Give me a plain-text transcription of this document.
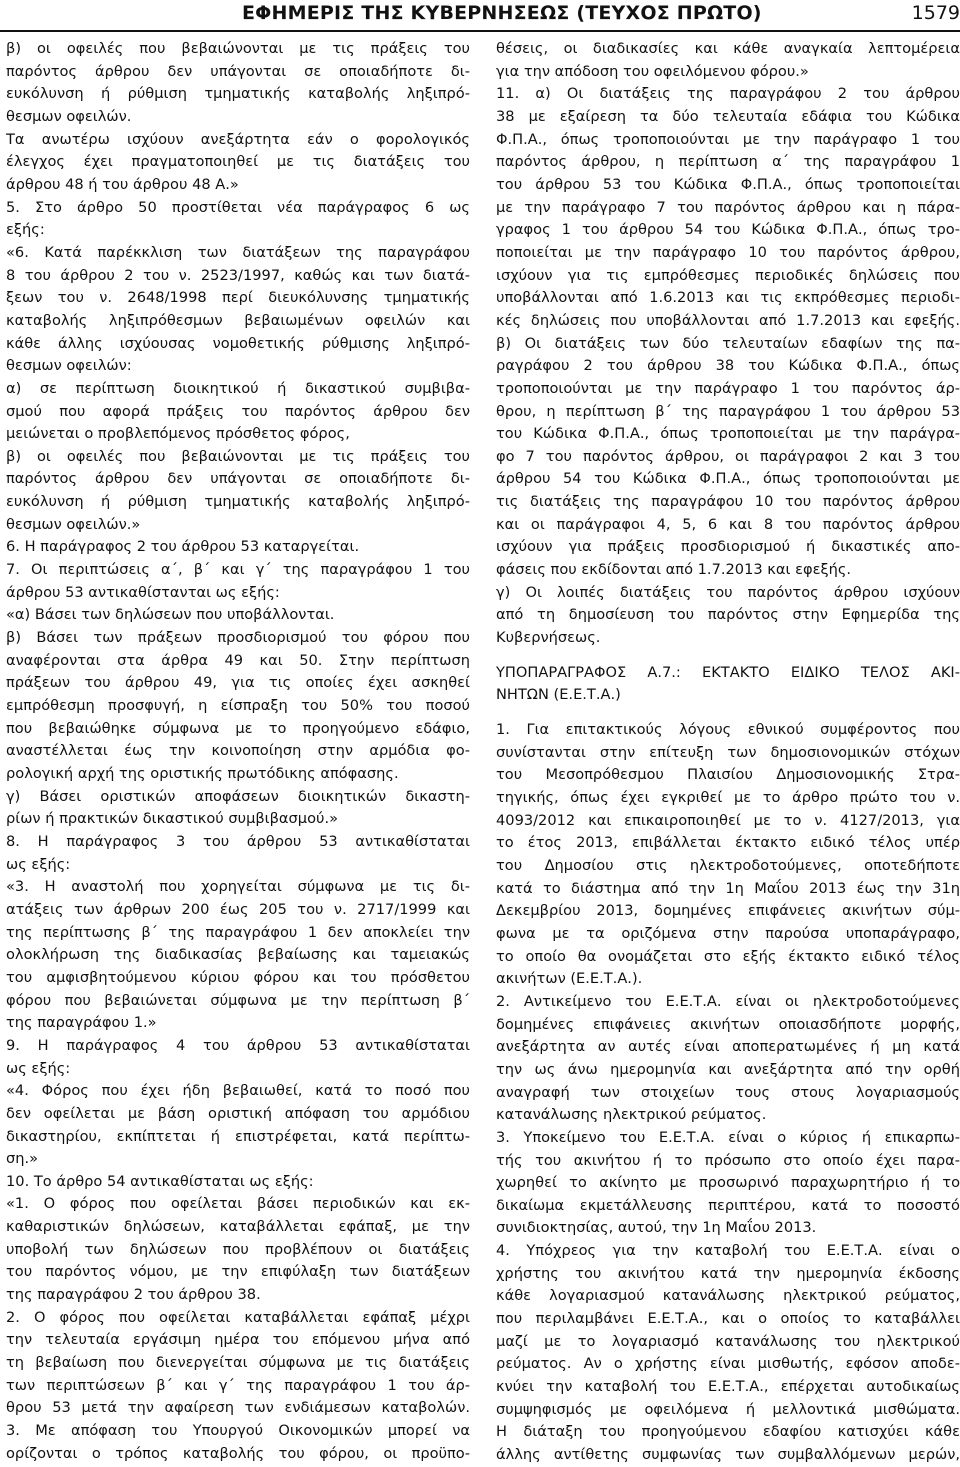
ΕΦΗΜΕΡΙΣ ΤΗΣ ΚΥΒΕΡΝΗΣΕΩΣ (ΤΕΥΧΟΣ ΠΡΩΤΟ)	1579

β) οι οφειλές που βεβαιώνονται με τις πράξεις του

παρόντος άρθρου δεν υπάγονται σε οποιαδήποτε δι-

ευκόλυνση ή ρύθμιση τμηματικής καταβολής ληξιπρό-

θεσμων οφειλών.

Τα ανωτέρω ισχύουν ανεξάρτητα εάν ο φορολογικός

έλεγχος έχει πραγματοποιηθεί με τις διατάξεις του

άρθρου 48 ή του άρθρου 48 Α.»

5. Στο άρθρο 50 προστίθεται νέα παράγραφος 6 ως

εξής:

«6. Κατά παρέκκλιση των διατάξεων της παραγράφου

8 του άρθρου 2 του ν. 2523/1997, καθώς και των διατά-

ξεων του ν. 2648/1998 περί διευκόλυνσης τμηματικής

καταβολής ληξιπρόθεσμων βεβαιωμένων οφειλών και

κάθε άλλης ισχύουσας νομοθετικής ρύθμισης ληξιπρό-

θεσμων οφειλών:

α) σε περίπτωση διοικητικού ή δικαστικού συμβιβα-

σμού που αφορά πράξεις του παρόντος άρθρου δεν

μειώνεται ο προβλεπόμενος πρόσθετος φόρος,

β) οι οφειλές που βεβαιώνονται με τις πράξεις του

παρόντος άρθρου δεν υπάγονται σε οποιαδήποτε δι-

ευκόλυνση ή ρύθμιση τμηματικής καταβολής ληξιπρό-

θεσμων οφειλών.»

6. Η παράγραφος 2 του άρθρου 53 καταργείται.

7. Οι περιπτώσεις α΄, β΄ και γ΄ της παραγράφου 1 του

άρθρου 53 αντικαθίστανται ως εξής:

«α) Βάσει των δηλώσεων που υποβάλλονται.

β) Βάσει των πράξεων προσδιορισμού του φόρου που

αναφέρονται στα άρθρα 49 και 50. Στην περίπτωση

πράξεων του άρθρου 49, για τις οποίες έχει ασκηθεί

εμπρόθεσμη προσφυγή, η είσπραξη του 50% του ποσού

που βεβαιώθηκε σύμφωνα με το προηγούμενο εδάφιο,

αναστέλλεται έως την κοινοποίηση στην αρμόδια φο-

ρολογική αρχή της οριστικής πρωτόδικης απόφασης.

γ) Βάσει οριστικών αποφάσεων διοικητικών δικαστη-

ρίων ή πρακτικών δικαστικού συμβιβασμού.»

8. Η παράγραφος 3 του άρθρου 53 αντικαθίσταται

ως εξής:

«3. Η αναστολή που χορηγείται σύμφωνα με τις δι-

ατάξεις των άρθρων 200 έως 205 του ν. 2717/1999 και

της περίπτωσης β΄ της παραγράφου 1 δεν αποκλείει την

ολοκλήρωση της διαδικασίας βεβαίωσης και ταμειακώς

του αμφισβητούμενου κύριου φόρου και του πρόσθετου

φόρου που βεβαιώνεται σύμφωνα με την περίπτωση β΄

της παραγράφου 1.»

9. Η παράγραφος 4 του άρθρου 53 αντικαθίσταται

ως εξής:

«4. Φόρος που έχει ήδη βεβαιωθεί, κατά το ποσό που

δεν οφείλεται με βάση οριστική απόφαση του αρμόδιου

δικαστηρίου, εκπίπτεται ή επιστρέφεται, κατά περίπτω-

ση.»

10. Το άρθρο 54 αντικαθίσταται ως εξής:

«1. Ο φόρος που οφείλεται βάσει περιοδικών και εκ-

καθαριστικών δηλώσεων, καταβάλλεται εφάπαξ, με την

υποβολή των δηλώσεων που προβλέπουν οι διατάξεις

του παρόντος νόμου, με την επιφύλαξη των διατάξεων

της παραγράφου 2 του άρθρου 38.

2. Ο φόρος που οφείλεται καταβάλλεται εφάπαξ μέχρι

την τελευταία εργάσιμη ημέρα του επόμενου μήνα από

τη βεβαίωση που διενεργείται σύμφωνα με τις διατάξεις

των περιπτώσεων β΄ και γ΄ της παραγράφου 1 του άρ-

θρου 53 μετά την αφαίρεση των ενδιάμεσων καταβολών.

3. Με απόφαση του Υπουργού Οικονομικών μπορεί να

ορίζονται ο τρόπος καταβολής του φόρου, οι προϋπο-

θέσεις, οι διαδικασίες και κάθε αναγκαία λεπτομέρεια

για την απόδοση του οφειλόμενου φόρου.»

11. α) Οι διατάξεις της παραγράφου 2 του άρθρου

38 με εξαίρεση τα δύο τελευταία εδάφια του Κώδικα

Φ.Π.Α., όπως τροποποιούνται με την παράγραφο 1 του

παρόντος άρθρου, η περίπτωση α΄ της παραγράφου 1

του άρθρου 53 του Κώδικα Φ.Π.Α., όπως τροποποιείται

με την παράγραφο 7 του παρόντος άρθρου και η πάρα-

γραφος 1 του άρθρου 54 του Κώδικα Φ.Π.Α., όπως τρο-

ποποιείται με την παράγραφο 10 του παρόντος άρθρου,

ισχύουν για τις εμπρόθεσμες περιοδικές δηλώσεις που

υποβάλλονται από 1.6.2013 και τις εκπρόθεσμες περιοδι-

κές δηλώσεις που υποβάλλονται από 1.7.2013 και εφεξής.

β) Οι διατάξεις των δύο τελευταίων εδαφίων της πα-

ραγράφου 2 του άρθρου 38 του Κώδικα Φ.Π.Α., όπως

τροποποιούνται με την παράγραφο 1 του παρόντος άρ-

θρου, η περίπτωση β΄ της παραγράφου 1 του άρθρου 53

του Κώδικα Φ.Π.Α., όπως τροποποιείται με την παράγρα-

φο 7 του παρόντος άρθρου, οι παράγραφοι 2 και 3 του

άρθρου 54 του Κώδικα Φ.Π.Α., όπως τροποποιούνται με

τις διατάξεις της παραγράφου 10 του παρόντος άρθρου

και οι παράγραφοι 4, 5, 6 και 8 του παρόντος άρθρου

ισχύουν για πράξεις προσδιορισμού ή δικαστικές απο-

φάσεις που εκδίδονται από 1.7.2013 και εφεξής.

γ) Οι λοιπές διατάξεις του παρόντος άρθρου ισχύουν

από τη δημοσίευση του παρόντος στην Εφημερίδα της

Κυβερνήσεως.

ΥΠΟΠΑΡΑΓΡΑΦΟΣ Α.7.: ΕΚΤΑΚΤΟ ΕΙΔΙΚΟ ΤΕΛΟΣ ΑΚΙ-

ΝΗΤΩΝ (Ε.Ε.Τ.Α.)

1. Για επιτακτικούς λόγους εθνικού συμφέροντος που

συνίστανται στην επίτευξη των δημοσιονομικών στόχων

του Μεσοπρόθεσμου Πλαισίου Δημοσιονομικής Στρα-

τηγικής, όπως έχει εγκριθεί με το άρθρο πρώτο του ν.

4093/2012 και επικαιροποιηθεί με το ν. 4127/2013, για

το έτος 2013, επιβάλλεται έκτακτο ειδικό τέλος υπέρ

του Δημοσίου στις ηλεκτροδοτούμενες, οποτεδήποτε

κατά το διάστημα από την 1η Μαΐου 2013 έως την 31η

Δεκεμβρίου 2013, δομημένες επιφάνειες ακινήτων σύμ-

φωνα με τα οριζόμενα στην παρούσα υποπαράγραφο,

το οποίο θα ονομάζεται στο εξής έκτακτο ειδικό τέλος

ακινήτων (Ε.Ε.Τ.Α.).

2. Αντικείμενο του Ε.Ε.Τ.Α. είναι οι ηλεκτροδοτούμενες

δομημένες επιφάνειες ακινήτων οποιασδήποτε μορφής,

ανεξάρτητα αν αυτές είναι αποπερατωμένες ή μη κατά

την ως άνω ημερομηνία και ανεξάρτητα από την ορθή

αναγραφή των στοιχείων τους στους λογαριασμούς

κατανάλωσης ηλεκτρικού ρεύματος.

3. Υποκείμενο του Ε.Ε.Τ.Α. είναι ο κύριος ή επικαρπω-

τής του ακινήτου ή το πρόσωπο στο οποίο έχει παρα-

χωρηθεί το ακίνητο με προσωρινό παραχωρητήριο ή το

δικαίωμα εκμετάλλευσης περιπτέρου, κατά το ποσοστό

συνιδιοκτησίας, αυτού, την 1η Μαΐου 2013.

4. Υπόχρεος για την καταβολή του Ε.Ε.Τ.Α. είναι ο

χρήστης του ακινήτου κατά την ημερομηνία έκδοσης

κάθε λογαριασμού κατανάλωσης ηλεκτρικού ρεύματος,

που περιλαμβάνει Ε.Ε.Τ.Α., και ο οποίος το καταβάλλει

μαζί με το λογαριασμό κατανάλωσης του ηλεκτρικού

ρεύματος. Αν ο χρήστης είναι μισθωτής, εφόσον αποδε-

κνύει την καταβολή του Ε.Ε.Τ.Α., επέρχεται αυτοδικαίως

συμψηφισμός με οφειλόμενα ή μελλοντικά μισθώματα.

Η διάταξη του προηγούμενου εδαφίου κατισχύει κάθε

άλλης αντίθετης συμφωνίας των συμβαλλόμενων μερών,
